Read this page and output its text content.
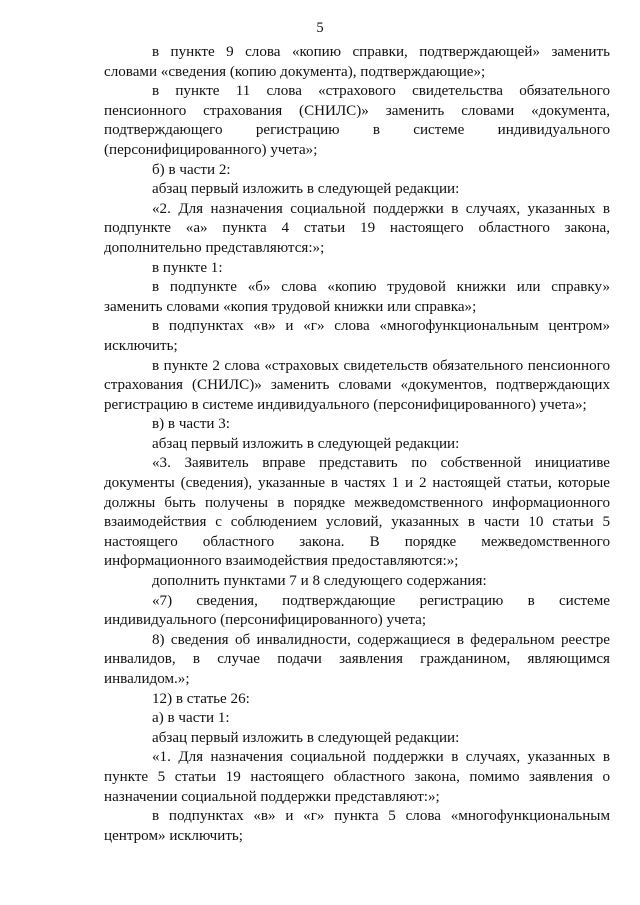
5

в пункте 9 слова «копию справки, подтверждающей» заменить словами «сведения (копию документа), подтверждающие»;

в пункте 11 слова «страхового свидетельства обязательного пенсионного страхования (СНИЛС)» заменить словами «документа, подтверждающего регистрацию в системе индивидуального (персонифицированного) учета»;

б) в части 2:

абзац первый изложить в следующей редакции:

«2. Для назначения социальной поддержки в случаях, указанных в подпункте «а» пункта 4 статьи 19 настоящего областного закона, дополнительно представляются:»;

в пункте 1:

в подпункте «б» слова «копию трудовой книжки или справку» заменить словами «копия трудовой книжки или справка»;

в подпунктах «в» и «г» слова «многофункциональным центром» исключить;

в пункте 2 слова «страховых свидетельств обязательного пенсионного страхования (СНИЛС)» заменить словами «документов, подтверждающих регистрацию в системе индивидуального (персонифицированного) учета»;

в) в части 3:

абзац первый изложить в следующей редакции:

«3. Заявитель вправе представить по собственной инициативе документы (сведения), указанные в частях 1 и 2 настоящей статьи, которые должны быть получены в порядке межведомственного информационного взаимодействия с соблюдением условий, указанных в части 10 статьи 5 настоящего областного закона. В порядке межведомственного информационного взаимодействия предоставляются:»;

дополнить пунктами 7 и 8 следующего содержания:

«7) сведения, подтверждающие регистрацию в системе индивидуального (персонифицированного) учета;

8) сведения об инвалидности, содержащиеся в федеральном реестре инвалидов, в случае подачи заявления гражданином, являющимся инвалидом.»;

12) в статье 26:

а) в части 1:

абзац первый изложить в следующей редакции:

«1. Для назначения социальной поддержки в случаях, указанных в пункте 5 статьи 19 настоящего областного закона, помимо заявления о назначении социальной поддержки представляют:»;

в подпунктах «в» и «г» пункта 5 слова «многофункциональным центром» исключить;
